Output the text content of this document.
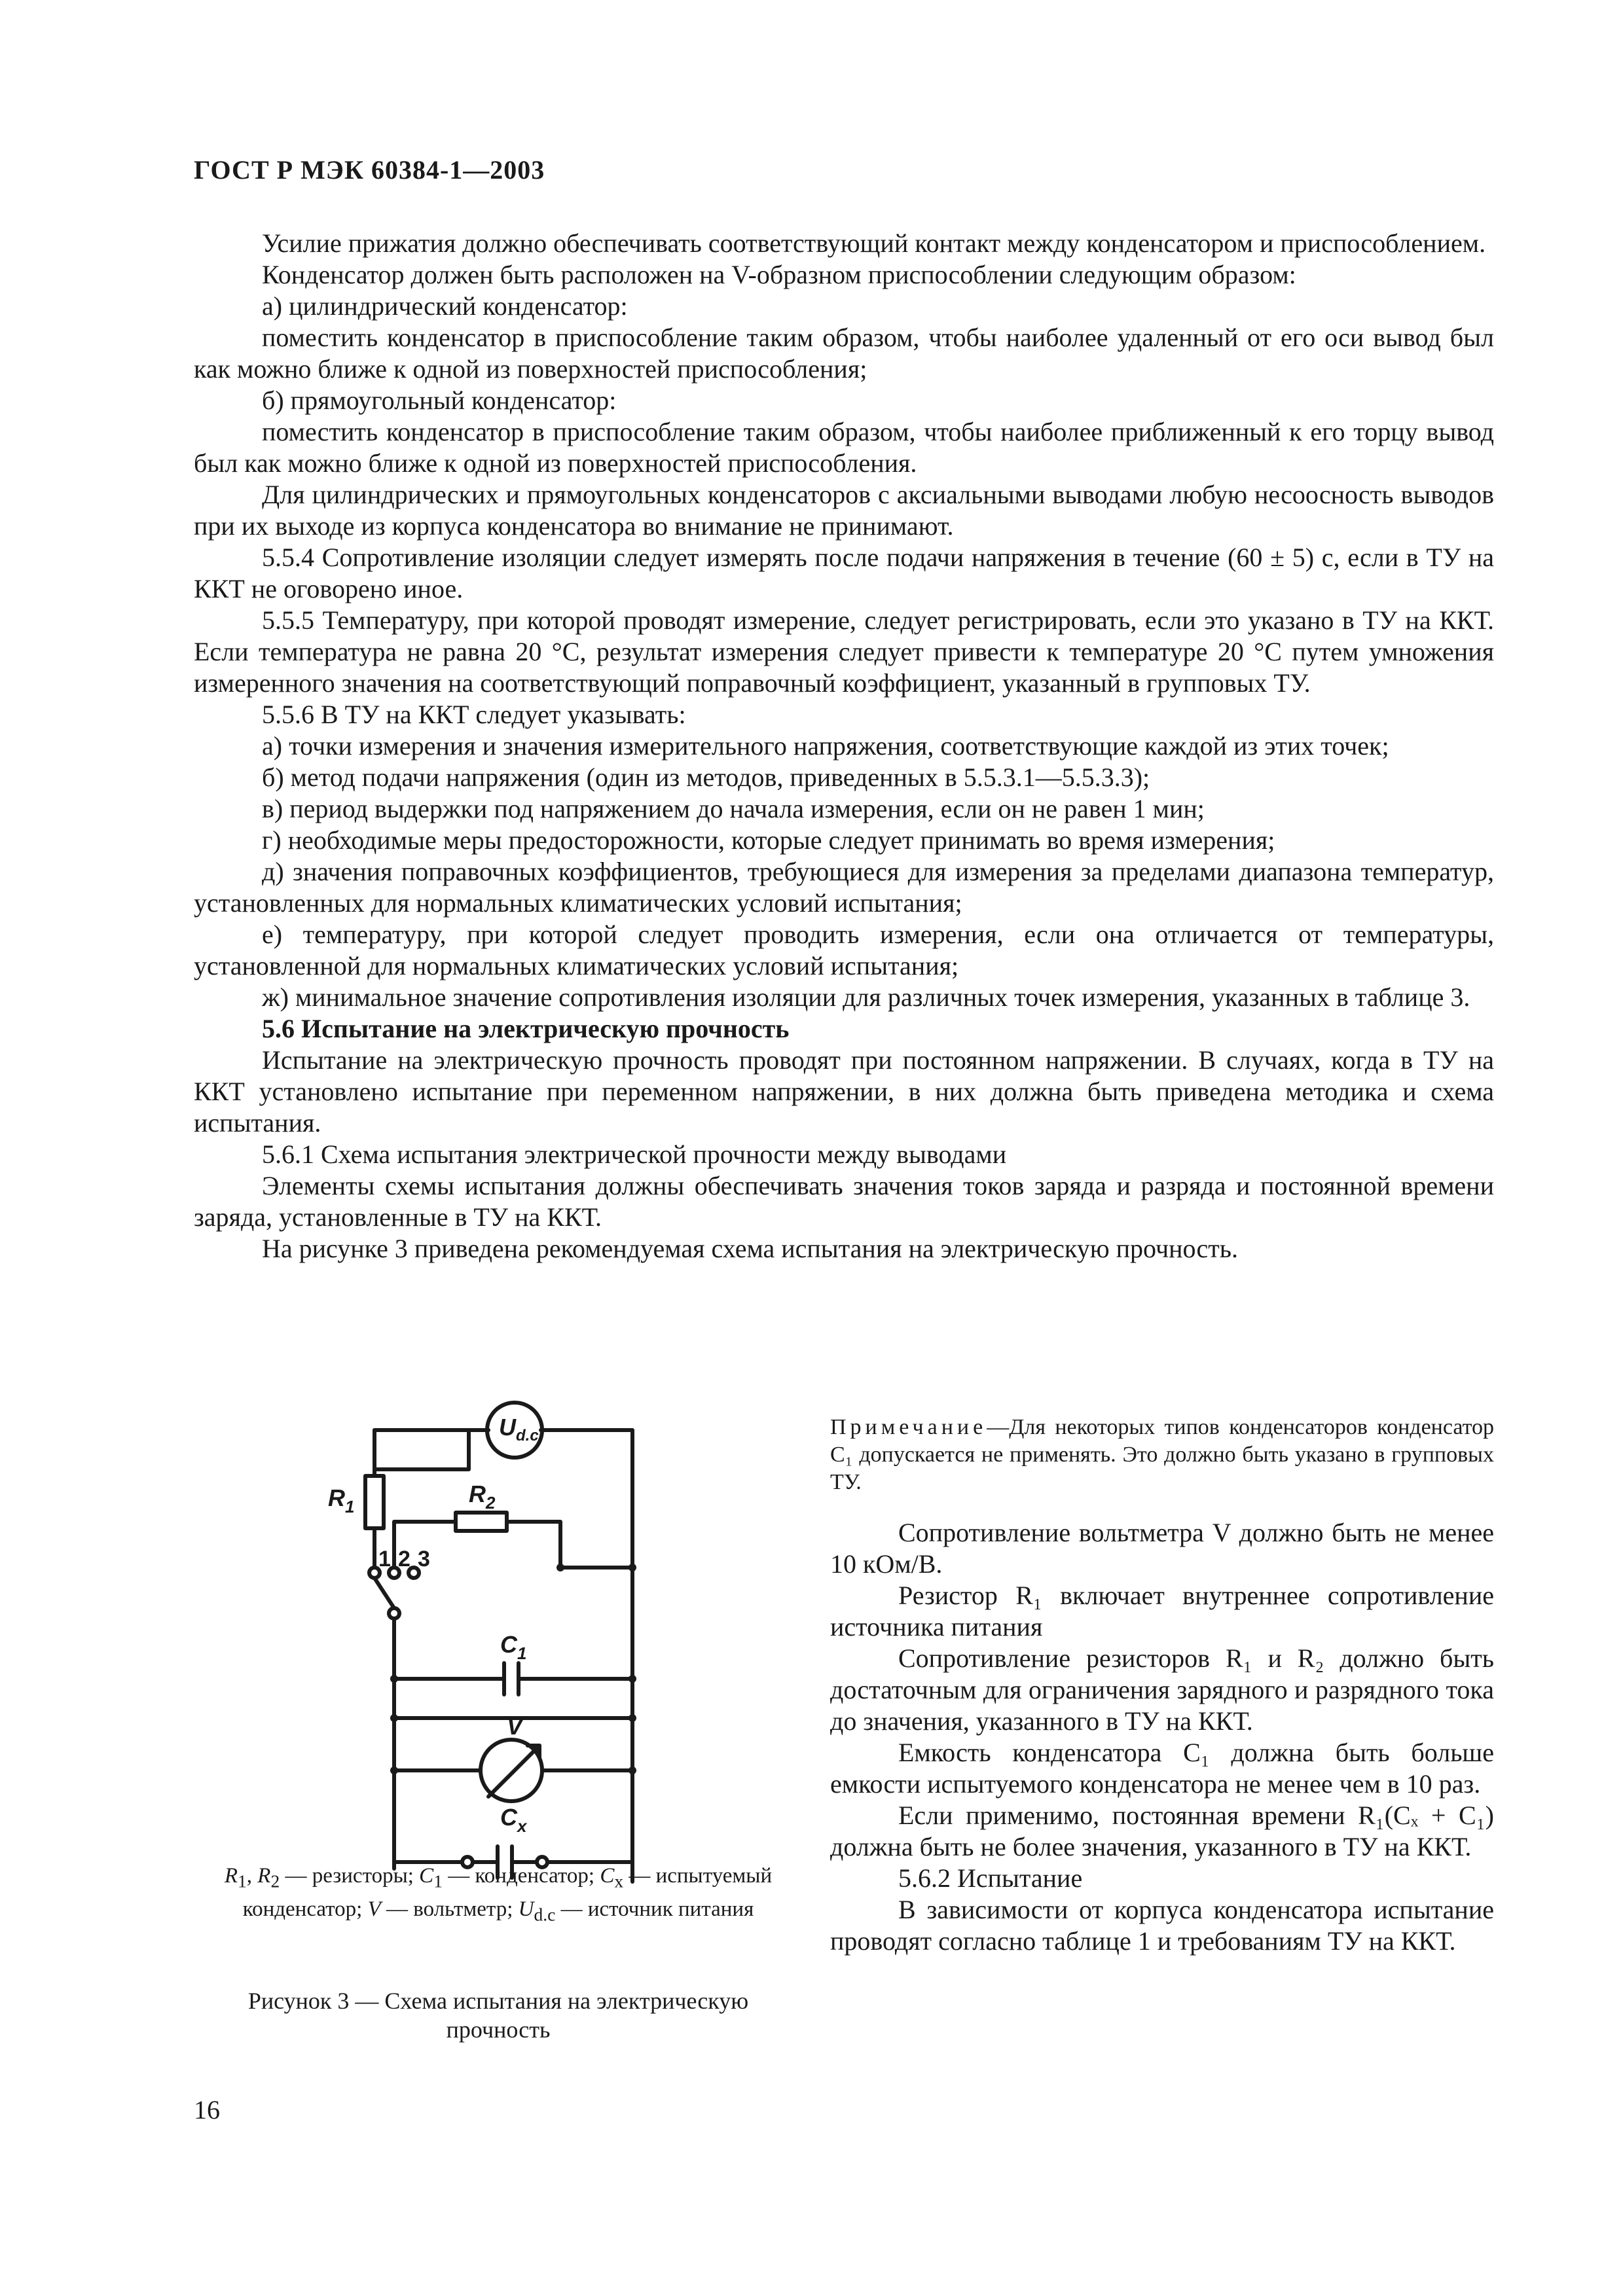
ГОСТ Р МЭК 60384-1—2003

Усилие прижатия должно обеспечивать соответствующий контакт между конденсатором и приспособлением.

Конденсатор должен быть расположен на V-образном приспособлении следующим образом:

а) цилиндрический конденсатор:

поместить конденсатор в приспособление таким образом, чтобы наиболее удаленный от его оси вывод был как можно ближе к одной из поверхностей приспособления;

б) прямоугольный конденсатор:

поместить конденсатор в приспособление таким образом, чтобы наиболее приближенный к его торцу вывод был как можно ближе к одной из поверхностей приспособления.

Для цилиндрических и прямоугольных конденсаторов с аксиальными выводами любую несоосность выводов при их выходе из корпуса конденсатора во внимание не принимают.

5.5.4 Сопротивление изоляции следует измерять после подачи напряжения в течение (60 ± 5) с, если в ТУ на ККТ не оговорено иное.

5.5.5 Температуру, при которой проводят измерение, следует регистрировать, если это указано в ТУ на ККТ. Если температура не равна 20 °С, результат измерения следует привести к температуре 20 °С путем умножения измеренного значения на соответствующий поправочный коэффициент, указанный в групповых ТУ.

5.5.6 В ТУ на ККТ следует указывать:

а) точки измерения и значения измерительного напряжения, соответствующие каждой из этих точек;

б) метод подачи напряжения (один из методов, приведенных в 5.5.3.1—5.5.3.3);

в) период выдержки под напряжением до начала измерения, если он не равен 1 мин;

г) необходимые меры предосторожности, которые следует принимать во время измерения;

д) значения поправочных коэффициентов, требующиеся для измерения за пределами диапазона температур, установленных для нормальных климатических условий испытания;

е) температуру, при которой следует проводить измерения, если она отличается от температуры, установленной для нормальных климатических условий испытания;

ж) минимальное значение сопротивления изоляции для различных точек измерения, указанных в таблице 3.

5.6 Испытание на электрическую прочность

Испытание на электрическую прочность проводят при постоянном напряжении. В случаях, когда в ТУ на ККТ установлено испытание при переменном напряжении, в них должна быть приведена методика и схема испытания.

5.6.1 Схема испытания электрической прочности между выводами

Элементы схемы испытания должны обеспечивать значения токов заряда и разряда и постоянной времени заряда, установленные в ТУ на ККТ.

На рисунке 3 приведена рекомендуемая схема испытания на электрическую прочность.

$U_{d.c}$
$R_1$	$R_2$
1 2 3
$C_1$
V
$C_x$
$R_1$, $R_2$ — резисторы; $C_1$ — конденсатор; $C_x$ — испытуемый конденсатор; V — вольтметр; $U_{d.c}$ — источник питания
Рисунок 3 — Схема испытания на электрическую прочность

Примечание—Для некоторых типов конденсаторов конденсатор C₁ допускается не применять. Это должно быть указано в групповых ТУ.

Сопротивление вольтметра V должно быть не менее 10 кОм/В.

Резистор R₁ включает внутреннее сопротивление источника питания

Сопротивление резисторов R₁ и R₂ должно быть достаточным для ограничения зарядного и разрядного тока до значения, указанного в ТУ на ККТ.

Емкость конденсатора C₁ должна быть больше емкости испытуемого конденсатора не менее чем в 10 раз.

Если применимо, постоянная времени R₁(Cₓ + C₁) должна быть не более значения, указанного в ТУ на ККТ.

5.6.2 Испытание

В зависимости от корпуса конденсатора испытание проводят согласно таблице 1 и требованиям ТУ на ККТ.

16
